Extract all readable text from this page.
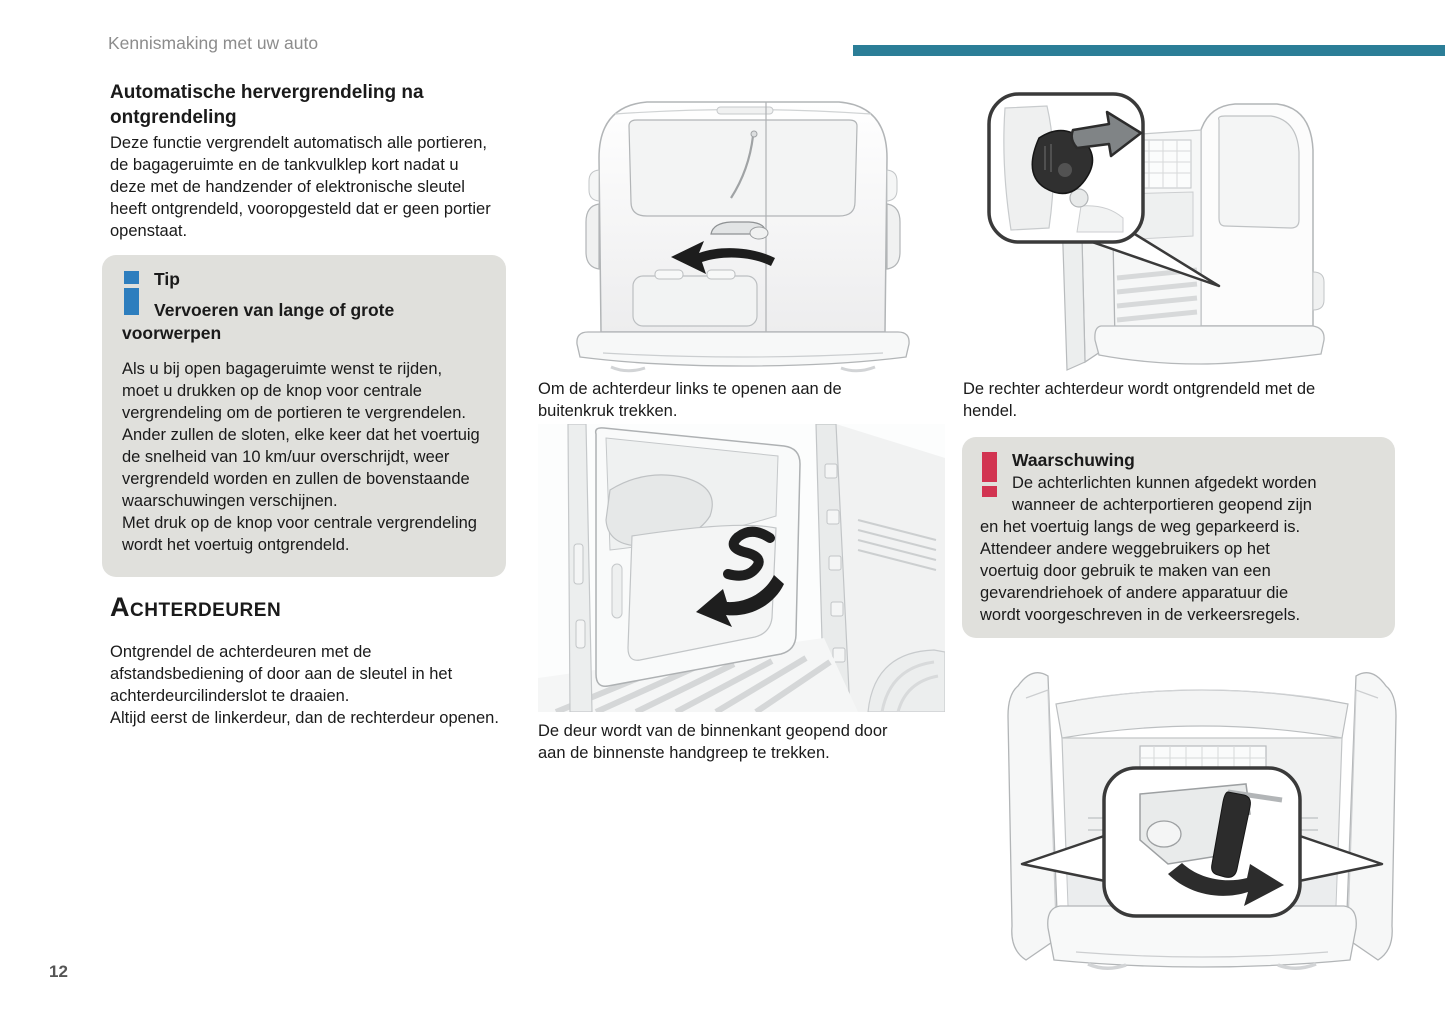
Kennismaking met uw auto
Automatische hervergrendeling na ontgrendeling
Deze functie vergrendelt automatisch alle portieren, de bagageruimte en de tankvulklep kort nadat u deze met de handzender of elektronische sleutel heeft ontgrendeld, vooropgesteld dat er geen portier openstaat.
Tip
Vervoeren van lange of grote voorwerpen
Als u bij open bagageruimte wenst te rijden, moet u drukken op de knop voor centrale vergrendeling om de portieren te vergrendelen. Ander zullen de sloten, elke keer dat het voertuig de snelheid van 10 km/uur overschrijdt, weer vergrendeld worden en zullen de bovenstaande waarschuwingen verschijnen.
Met druk op de knop voor centrale vergrendeling wordt het voertuig ontgrendeld.
Achterdeuren
Ontgrendel de achterdeuren met de afstandsbediening of door aan de sleutel in het achterdeurcilinderslot te draaien.
Altijd eerst de linkerdeur, dan de rechterdeur openen.
Om de achterdeur links te openen aan de buitenkruk trekken.
De deur wordt van de binnenkant geopend door aan de binnenste handgreep te trekken.
De rechter achterdeur wordt ontgrendeld met de hendel.
Waarschuwing
De achterlichten kunnen afgedekt worden wanneer de achterportieren geopend zijn en het voertuig langs de weg geparkeerd is. Attendeer andere weggebruikers op het voertuig door gebruik te maken van een gevarendriehoek of andere apparatuur die wordt voorgeschreven in de verkeersregels.
12
